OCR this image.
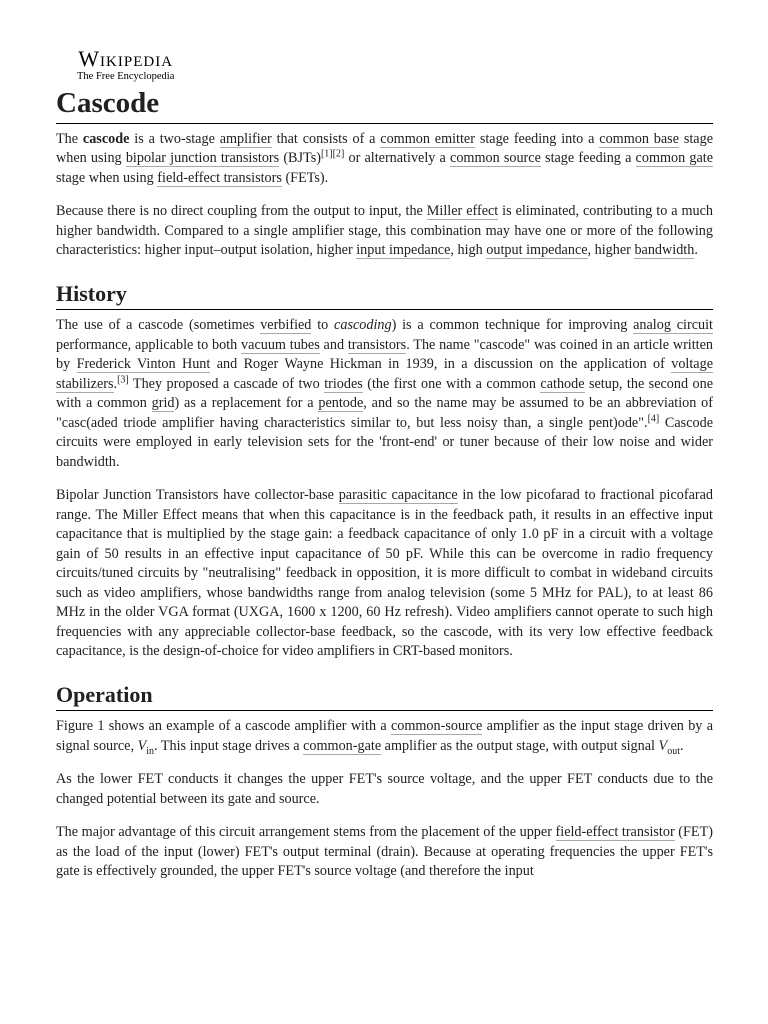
Wikipedia
The Free Encyclopedia
Cascode

The cascode is a two-stage amplifier that consists of a common emitter stage feeding into a common base stage when using bipolar junction transistors (BJTs)[1][2] or alternatively a common source stage feeding a common gate stage when using field-effect transistors (FETs).

Because there is no direct coupling from the output to input, the Miller effect is eliminated, contributing to a much higher bandwidth. Compared to a single amplifier stage, this combination may have one or more of the following characteristics: higher input–output isolation, higher input impedance, high output impedance, higher bandwidth.

History

The use of a cascode (sometimes verbified to cascoding) is a common technique for improving analog circuit performance, applicable to both vacuum tubes and transistors. The name "cascode" was coined in an article written by Frederick Vinton Hunt and Roger Wayne Hickman in 1939, in a discussion on the application of voltage stabilizers.[3] They proposed a cascade of two triodes (the first one with a common cathode setup, the second one with a common grid) as a replacement for a pentode, and so the name may be assumed to be an abbreviation of "casc(aded triode amplifier having characteristics similar to, but less noisy than, a single pent)ode".[4] Cascode circuits were employed in early television sets for the 'front-end' or tuner because of their low noise and wider bandwidth.

Bipolar Junction Transistors have collector-base parasitic capacitance in the low picofarad to fractional picofarad range. The Miller Effect means that when this capacitance is in the feedback path, it results in an effective input capacitance that is multiplied by the stage gain: a feedback capacitance of only 1.0 pF in a circuit with a voltage gain of 50 results in an effective input capacitance of 50 pF. While this can be overcome in radio frequency circuits/tuned circuits by "neutralising" feedback in opposition, it is more difficult to combat in wideband circuits such as video amplifiers, whose bandwidths range from analog television (some 5 MHz for PAL), to at least 86 MHz in the older VGA format (UXGA, 1600 x 1200, 60 Hz refresh). Video amplifiers cannot operate to such high frequencies with any appreciable collector-base feedback, so the cascode, with its very low effective feedback capacitance, is the design-of-choice for video amplifiers in CRT-based monitors.

Operation

Figure 1 shows an example of a cascode amplifier with a common-source amplifier as the input stage driven by a signal source, $V_{in}$. This input stage drives a common-gate amplifier as the output stage, with output signal $V_{out}$.

As the lower FET conducts it changes the upper FET's source voltage, and the upper FET conducts due to the changed potential between its gate and source.

The major advantage of this circuit arrangement stems from the placement of the upper field-effect transistor (FET) as the load of the input (lower) FET's output terminal (drain). Because at operating frequencies the upper FET's gate is effectively grounded, the upper FET's source voltage (and therefore the input
